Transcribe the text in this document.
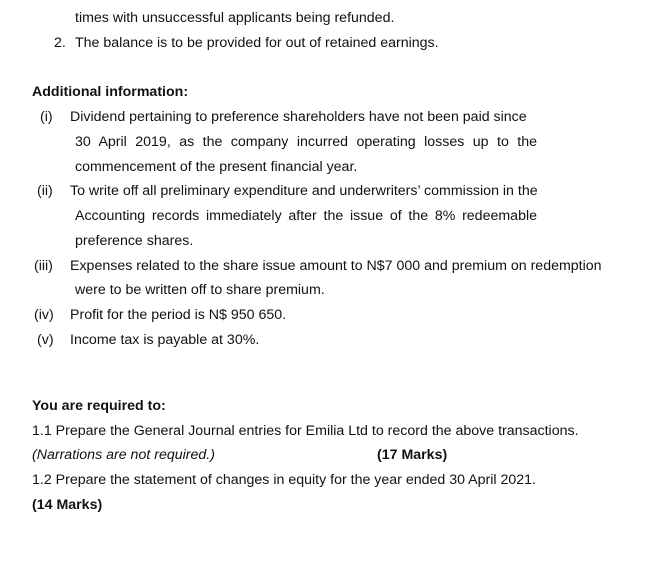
times with unsuccessful applicants being refunded.
2. The balance is to be provided for out of retained earnings.
Additional information:
(i) Dividend pertaining to preference shareholders have not been paid since
30 April 2019, as the company incurred operating losses up to the
commencement of the present financial year.
(ii) To write off all preliminary expenditure and underwriters’ commission in the
Accounting records immediately after the issue of the 8% redeemable
preference shares.
(iii) Expenses related to the share issue amount to N$7 000 and premium on redemption
were to be written off to share premium.
(iv) Profit for the period is N$ 950 650.
(v) Income tax is payable at 30%.
You are required to:
1.1 Prepare the General Journal entries for Emilia Ltd to record the above transactions.
(Narrations are not required.)	(17 Marks)
1.2 Prepare the statement of changes in equity for the year ended 30 April 2021.
(14 Marks)
